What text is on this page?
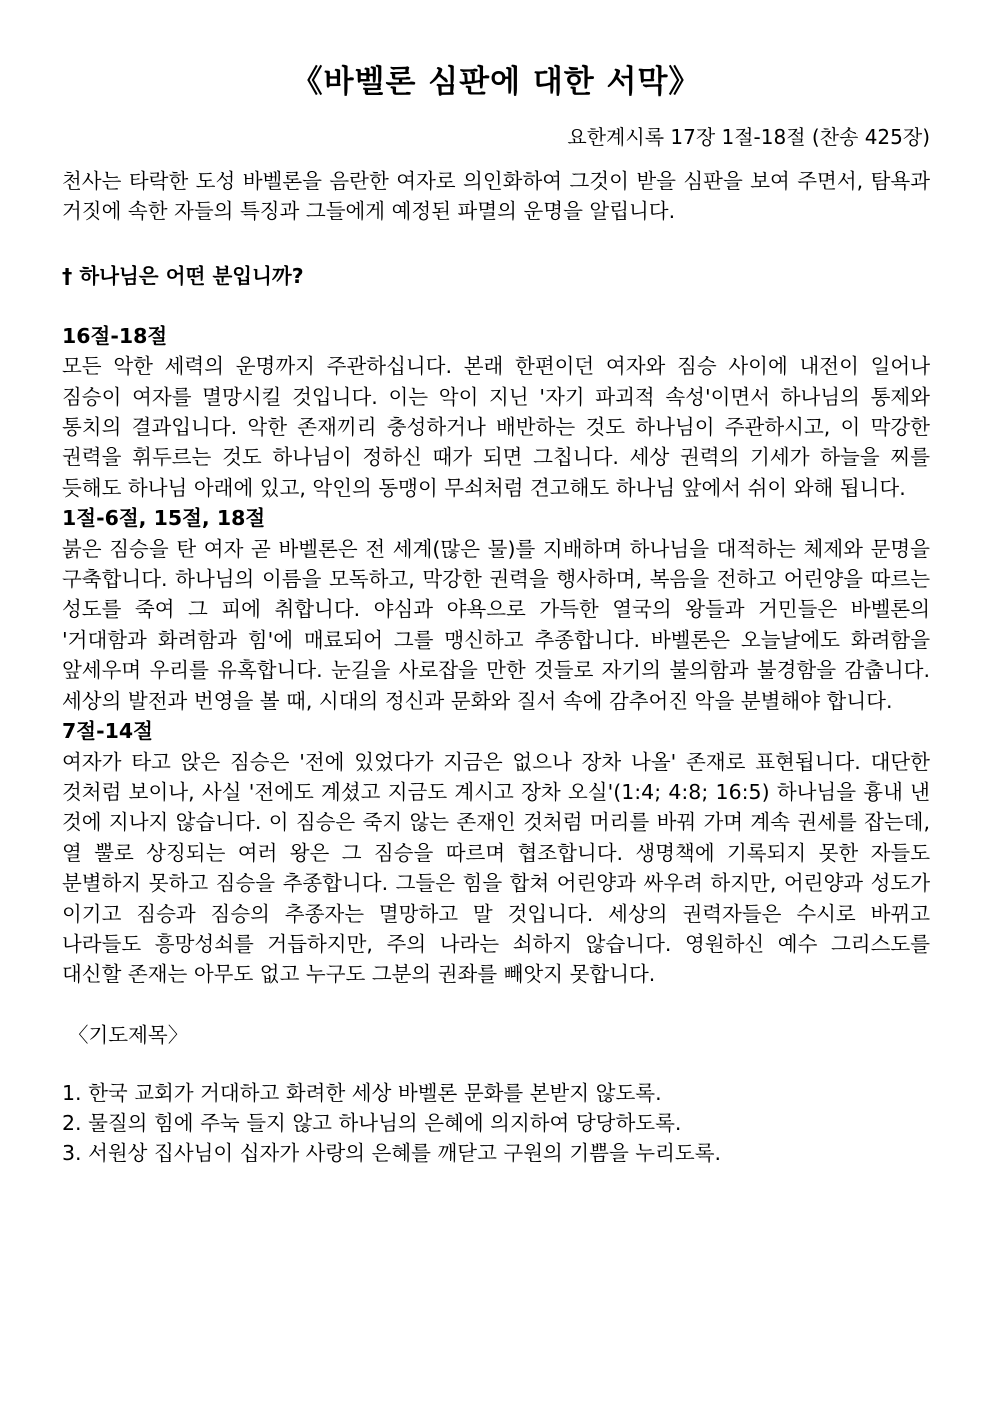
《바벨론 심판에 대한 서막》
요한계시록 17장 1절-18절 (찬송 425장)

천사는 타락한 도성 바벨론을 음란한 여자로 의인화하여 그것이 받을 심판을 보여 주면서, 탐욕과 거짓에 속한 자들의 특징과 그들에게 예정된 파멸의 운명을 알립니다.

† 하나님은 어떤 분입니까?
16절-18절

모든 악한 세력의 운명까지 주관하십니다. 본래 한편이던 여자와 짐승 사이에 내전이 일어나 짐승이 여자를 멸망시킬 것입니다. 이는 악이 지닌 '자기 파괴적 속성'이면서 하나님의 통제와 통치의 결과입니다. 악한 존재끼리 충성하거나 배반하는 것도 하나님이 주관하시고, 이 막강한 권력을 휘두르는 것도 하나님이 정하신 때가 되면 그칩니다. 세상 권력의 기세가 하늘을 찌를 듯해도 하나님 아래에 있고, 악인의 동맹이 무쇠처럼 견고해도 하나님 앞에서 쉬이 와해 됩니다.

1절-6절, 15절, 18절

붉은 짐승을 탄 여자 곧 바벨론은 전 세계(많은 물)를 지배하며 하나님을 대적하는 체제와 문명을 구축합니다. 하나님의 이름을 모독하고, 막강한 권력을 행사하며, 복음을 전하고 어린양을 따르는 성도를 죽여 그 피에 취합니다. 야심과 야욕으로 가득한 열국의 왕들과 거민들은 바벨론의 '거대함과 화려함과 힘'에 매료되어 그를 맹신하고 추종합니다. 바벨론은 오늘날에도 화려함을 앞세우며 우리를 유혹합니다. 눈길을 사로잡을 만한 것들로 자기의 불의함과 불경함을 감춥니다. 세상의 발전과 번영을 볼 때, 시대의 정신과 문화와 질서 속에 감추어진 악을 분별해야 합니다.

7절-14절

여자가 타고 앉은 짐승은 '전에 있었다가 지금은 없으나 장차 나올' 존재로 표현됩니다. 대단한 것처럼 보이나, 사실 '전에도 계셨고 지금도 계시고 장차 오실'(1:4; 4:8; 16:5) 하나님을 흉내 낸 것에 지나지 않습니다. 이 짐승은 죽지 않는 존재인 것처럼 머리를 바꿔 가며 계속 권세를 잡는데, 열 뿔로 상징되는 여러 왕은 그 짐승을 따르며 협조합니다. 생명책에 기록되지 못한 자들도 분별하지 못하고 짐승을 추종합니다. 그들은 힘을 합쳐 어린양과 싸우려 하지만, 어린양과 성도가 이기고 짐승과 짐승의 추종자는 멸망하고 말 것입니다. 세상의 권력자들은 수시로 바뀌고 나라들도 흥망성쇠를 거듭하지만, 주의 나라는 쇠하지 않습니다. 영원하신 예수 그리스도를 대신할 존재는 아무도 없고 누구도 그분의 권좌를 빼앗지 못합니다.

〈기도제목〉
1. 한국 교회가 거대하고 화려한 세상 바벨론 문화를 본받지 않도록.
2. 물질의 힘에 주눅 들지 않고 하나님의 은혜에 의지하여 당당하도록.
3. 서원상 집사님이 십자가 사랑의 은혜를 깨닫고 구원의 기쁨을 누리도록.
